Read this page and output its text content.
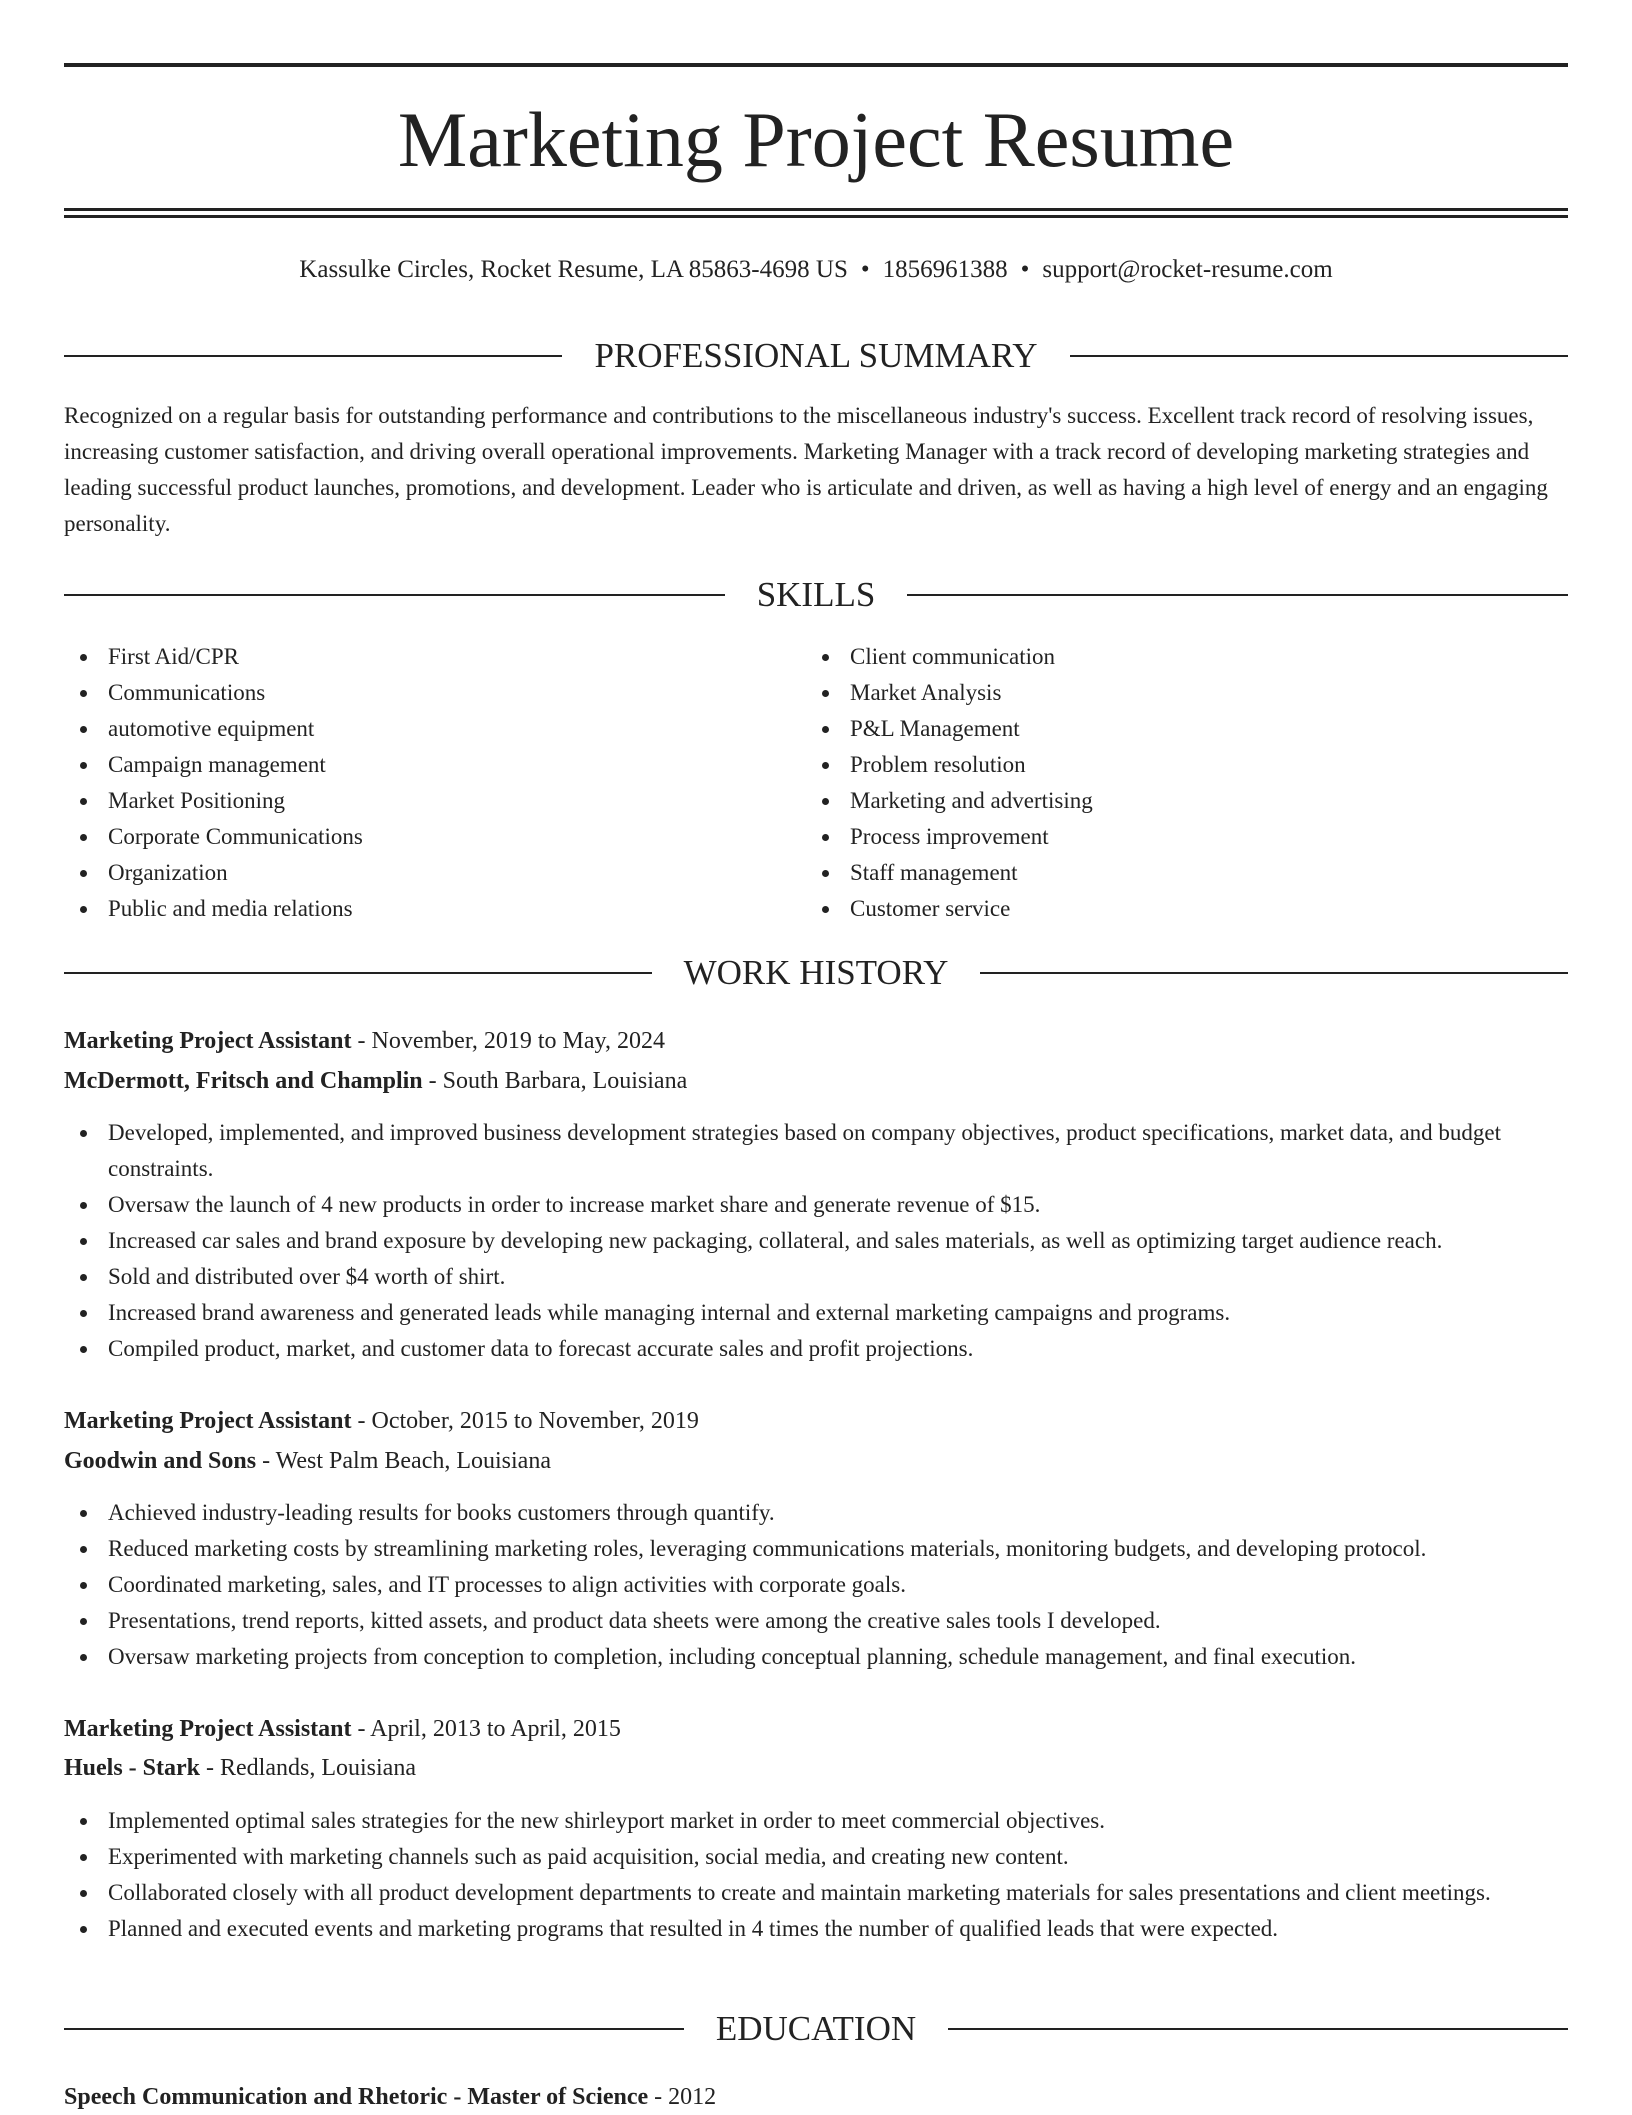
Marketing Project Resume
Kassulke Circles, Rocket Resume, LA 85863-4698 US • 1856961388 • support@rocket-resume.com
PROFESSIONAL SUMMARY
Recognized on a regular basis for outstanding performance and contributions to the miscellaneous industry's success. Excellent track record of resolving issues, increasing customer satisfaction, and driving overall operational improvements. Marketing Manager with a track record of developing marketing strategies and leading successful product launches, promotions, and development. Leader who is articulate and driven, as well as having a high level of energy and an engaging personality.
SKILLS
First Aid/CPR
Communications
automotive equipment
Campaign management
Market Positioning
Corporate Communications
Organization
Public and media relations
Client communication
Market Analysis
P&L Management
Problem resolution
Marketing and advertising
Process improvement
Staff management
Customer service
WORK HISTORY
Marketing Project Assistant - November, 2019 to May, 2024
McDermott, Fritsch and Champlin - South Barbara, Louisiana
Developed, implemented, and improved business development strategies based on company objectives, product specifications, market data, and budget constraints.
Oversaw the launch of 4 new products in order to increase market share and generate revenue of $15.
Increased car sales and brand exposure by developing new packaging, collateral, and sales materials, as well as optimizing target audience reach.
Sold and distributed over $4 worth of shirt.
Increased brand awareness and generated leads while managing internal and external marketing campaigns and programs.
Compiled product, market, and customer data to forecast accurate sales and profit projections.
Marketing Project Assistant - October, 2015 to November, 2019
Goodwin and Sons - West Palm Beach, Louisiana
Achieved industry-leading results for books customers through quantify.
Reduced marketing costs by streamlining marketing roles, leveraging communications materials, monitoring budgets, and developing protocol.
Coordinated marketing, sales, and IT processes to align activities with corporate goals.
Presentations, trend reports, kitted assets, and product data sheets were among the creative sales tools I developed.
Oversaw marketing projects from conception to completion, including conceptual planning, schedule management, and final execution.
Marketing Project Assistant - April, 2013 to April, 2015
Huels - Stark - Redlands, Louisiana
Implemented optimal sales strategies for the new shirleyport market in order to meet commercial objectives.
Experimented with marketing channels such as paid acquisition, social media, and creating new content.
Collaborated closely with all product development departments to create and maintain marketing materials for sales presentations and client meetings.
Planned and executed events and marketing programs that resulted in 4 times the number of qualified leads that were expected.
EDUCATION
Speech Communication and Rhetoric - Master of Science - 2012
